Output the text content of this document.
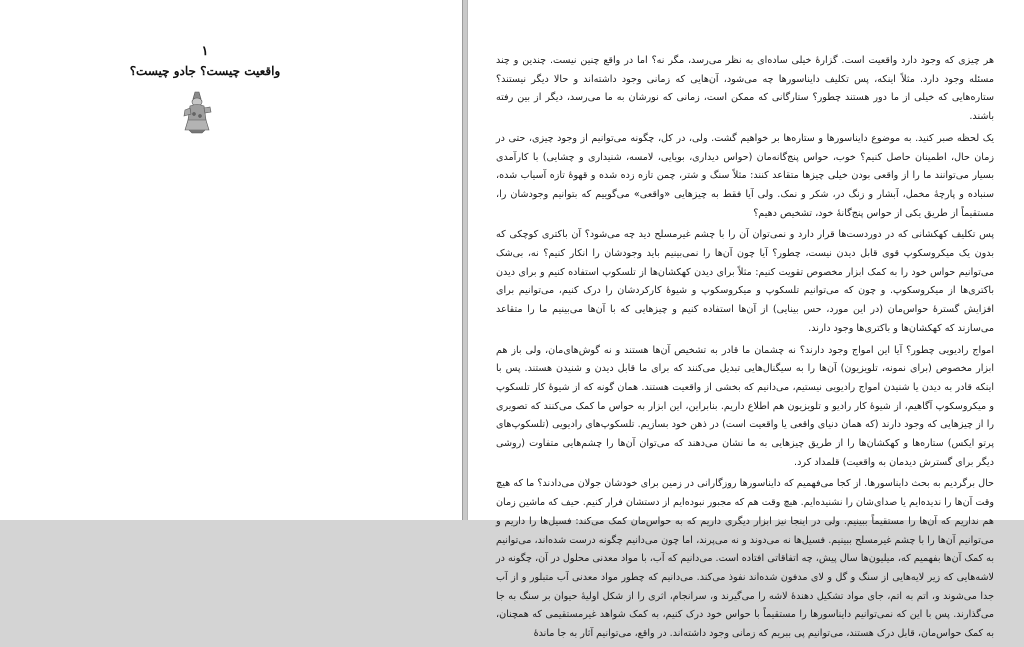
۱
واقعیت چیست؟ جادو چیست؟

هر چیزی که وجود دارد واقعیت است. گزارهٔ خیلی ساده‌ای به نظر می‌رسد، مگر نه؟ اما در واقع چنین نیست. چندین و چند مسئله وجود دارد. مثلاً اینکه، پس تکلیف دایناسورها چه می‌شود، آن‌هایی که زمانی وجود داشته‌اند و حالا دیگر نیستند؟ ستاره‌هایی که خیلی از ما دور هستند چطور؟ ستارگانی که ممکن است، زمانی که نورشان به ما می‌رسد، دیگر از بین رفته باشند.

یک لحظه صبر کنید. به موضوع دایناسورها و ستاره‌ها بر خواهیم گشت. ولی، در کل، چگونه می‌توانیم از وجود چیزی، حتی در زمان حال، اطمینان حاصل کنیم؟ خوب، حواس پنج‌گانه‌مان (حواس دیداری، بویایی، لامسه، شنیداری و چشایی) با کارآمدی بسیار می‌توانند ما را از واقعی بودن خیلی چیزها متقاعد کنند: مثلاً سنگ و شتر، چمن تازه زده شده و قهوهٔ تازه آسیاب شده، سنباده و پارچهٔ مخمل، آبشار و زنگ در، شکر و نمک. ولی آیا فقط به چیزهایی «واقعی» می‌گوییم که بتوانیم وجودشان را، مستقیماً از طریق یکی از حواس پنج‌گانهٔ خود، تشخیص دهیم؟

پس تکلیف کهکشانی که در دوردست‌ها قرار دارد و نمی‌توان آن را با چشم غیرمسلح دید چه می‌شود؟ آن باکتری کوچکی که بدون یک میکروسکوپ قوی قابل دیدن نیست، چطور؟ آیا چون آن‌ها را نمی‌بینیم باید وجودشان را انکار کنیم؟ نه، بی‌شک می‌توانیم حواس خود را به کمک ابزار مخصوص تقویت کنیم: مثلاً برای دیدن کهکشان‌ها از تلسکوپ استفاده کنیم و برای دیدن باکتری‌ها از میکروسکوپ. و چون که می‌توانیم تلسکوپ و میکروسکوپ و شیوهٔ کارکردشان را درک کنیم، می‌توانیم برای افزایش گسترهٔ حواس‌مان (در این مورد، حس بینایی) از آن‌ها استفاده کنیم و چیزهایی که با آن‌ها می‌بینیم ما را متقاعد می‌سازند که کهکشان‌ها و باکتری‌ها وجود دارند.

امواج رادیویی چطور؟ آیا این امواج وجود دارند؟ نه چشمان ما قادر به تشخیص آن‌ها هستند و نه گوش‌های‌مان، ولی باز هم ابزار مخصوص (برای نمونه، تلویزیون) آن‌ها را به سیگنال‌هایی تبدیل می‌کنند که برای ما قابل دیدن و شنیدن هستند. پس با اینکه قادر به دیدن یا شنیدن امواج رادیویی نیستیم، می‌دانیم که بخشی از واقعیت هستند. همان گونه که از شیوهٔ کار تلسکوپ و میکروسکوپ آگاهیم، از شیوهٔ کار رادیو و تلویزیون هم اطلاع داریم. بنابراین، این ابزار به حواس ما کمک می‌کنند که تصویری را از چیزهایی که وجود دارند (که همان دنیای واقعی یا واقعیت است) در ذهن خود بسازیم. تلسکوپ‌های رادیویی (تلسکوپ‌های پرتو ایکس) ستاره‌ها و کهکشان‌ها را از طریق چیزهایی به ما نشان می‌دهند که می‌توان آن‌ها را چشم‌هایی متفاوت (روشی دیگر برای گسترش دیدمان به واقعیت) قلمداد کرد.

حال برگردیم به بحث دایناسورها. از کجا می‌فهمیم که دایناسورها روزگارانی در زمین برای خودشان جولان می‌دادند؟ ما که هیچ وقت آن‌ها را ندیده‌ایم یا صدای‌شان را نشنیده‌ایم. هیچ وقت هم که مجبور نبوده‌ایم از دستشان فرار کنیم. حیف که ماشین زمان هم نداریم که آن‌ها را مستقیماً ببینیم. ولی در اینجا نیز ابزار دیگری داریم که به حواس‌مان کمک می‌کند: فسیل‌ها را داریم و می‌توانیم آن‌ها را با چشم غیرمسلح ببینیم. فسیل‌ها نه می‌دوند و نه می‌پرند، اما چون می‌دانیم چگونه درست شده‌اند، می‌توانیم به کمک آن‌ها بفهمیم که، میلیون‌ها سال پیش، چه اتفاقاتی افتاده است. می‌دانیم که آب، با مواد معدنی محلول در آن، چگونه در لاشه‌هایی که زیر لایه‌هایی از سنگ و گل و لای مدفون شده‌اند نفوذ می‌کند. می‌دانیم که چطور مواد معدنی آب متبلور و از آب جدا می‌شوند و، اتم به اتم، جای مواد تشکیل دهندهٔ لاشه را می‌گیرند و، سرانجام، اثری را از شکل اولیهٔ حیوان بر سنگ به جا می‌گذارند. پس با این که نمی‌توانیم دایناسورها را مستقیماً با حواس خود درک کنیم، به کمک شواهد غیرمستقیمی که همچنان، به کمک حواس‌مان، قابل درک هستند، می‌توانیم پی ببریم که زمانی وجود داشته‌اند. در واقع، می‌توانیم آثار به جا ماندهٔ
